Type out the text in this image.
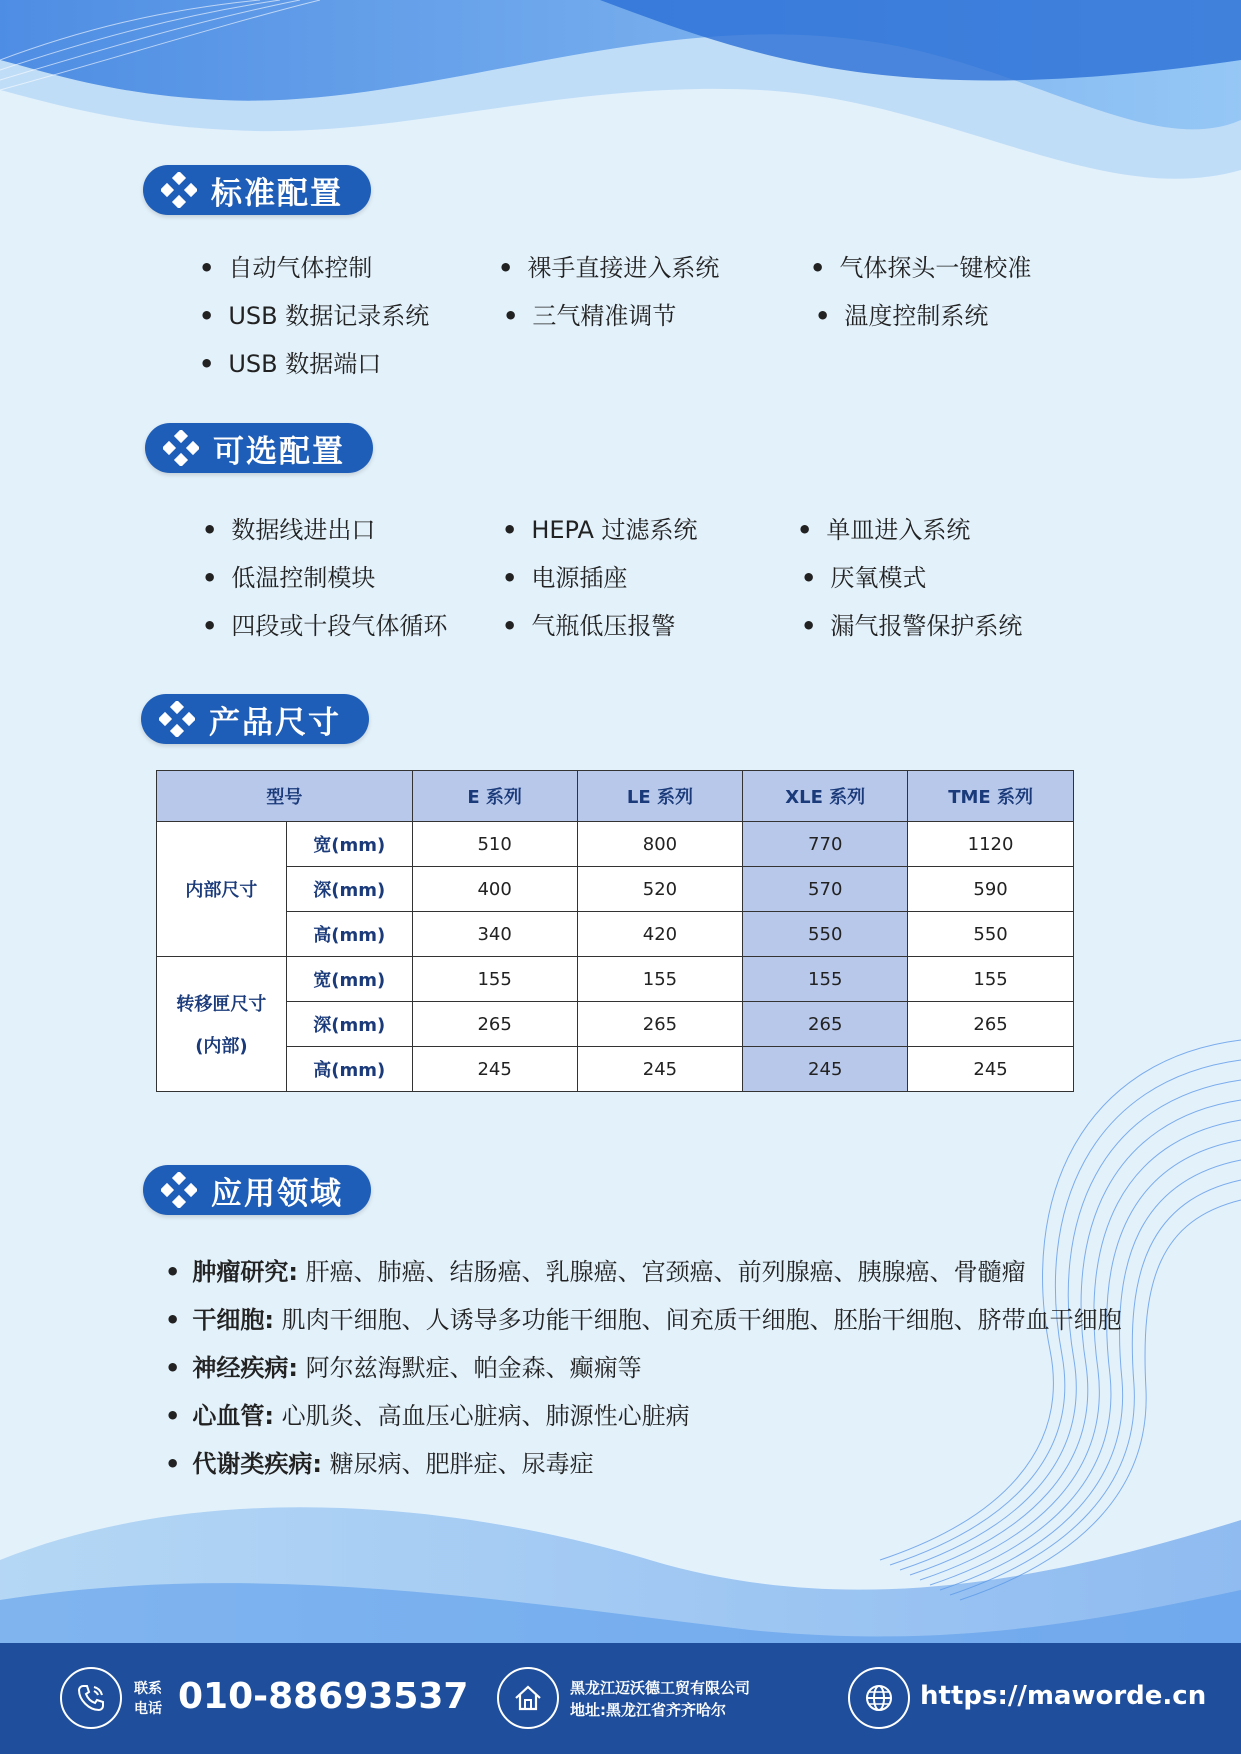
标准配置
• 自动气体控制	• 裸手直接进入系统	• 气体探头一键校准
• USB 数据记录系统	• 三气精准调节	• 温度控制系统
• USB 数据端口
可选配置
• 数据线进出口	• HEPA 过滤系统	• 单皿进入系统
• 低温控制模块	• 电源插座	• 厌氧模式
• 四段或十段气体循环	• 气瓶低压报警	• 漏气报警保护系统
产品尺寸
型号		E 系列	LE 系列	XLE 系列	TME 系列
内部尺寸	宽(mm)	510	800	770	1120
	深(mm)	400	520	570	590
	高(mm)	340	420	550	550

转移匣尺寸
(内部)	宽(mm)	155	155	155	155
	深(mm)	265	265	265	265
	高(mm)	245	245	245	245
应用领域
• 肿瘤研究: 肝癌、肺癌、结肠癌、乳腺癌、宫颈癌、前列腺癌、胰腺癌、骨髓瘤
• 干细胞: 肌肉干细胞、人诱导多功能干细胞、间充质干细胞、胚胎干细胞、脐带血干细胞
• 神经疾病: 阿尔兹海默症、帕金森、癫痫等
• 心血管: 心肌炎、高血压心脏病、肺源性心脏病
• 代谢类疾病: 糖尿病、肥胖症、尿毒症
联系
电话 010-88693537	黑龙江迈沃德工贸有限公司
地址:黑龙江省齐齐哈尔	https://maworde.cn
